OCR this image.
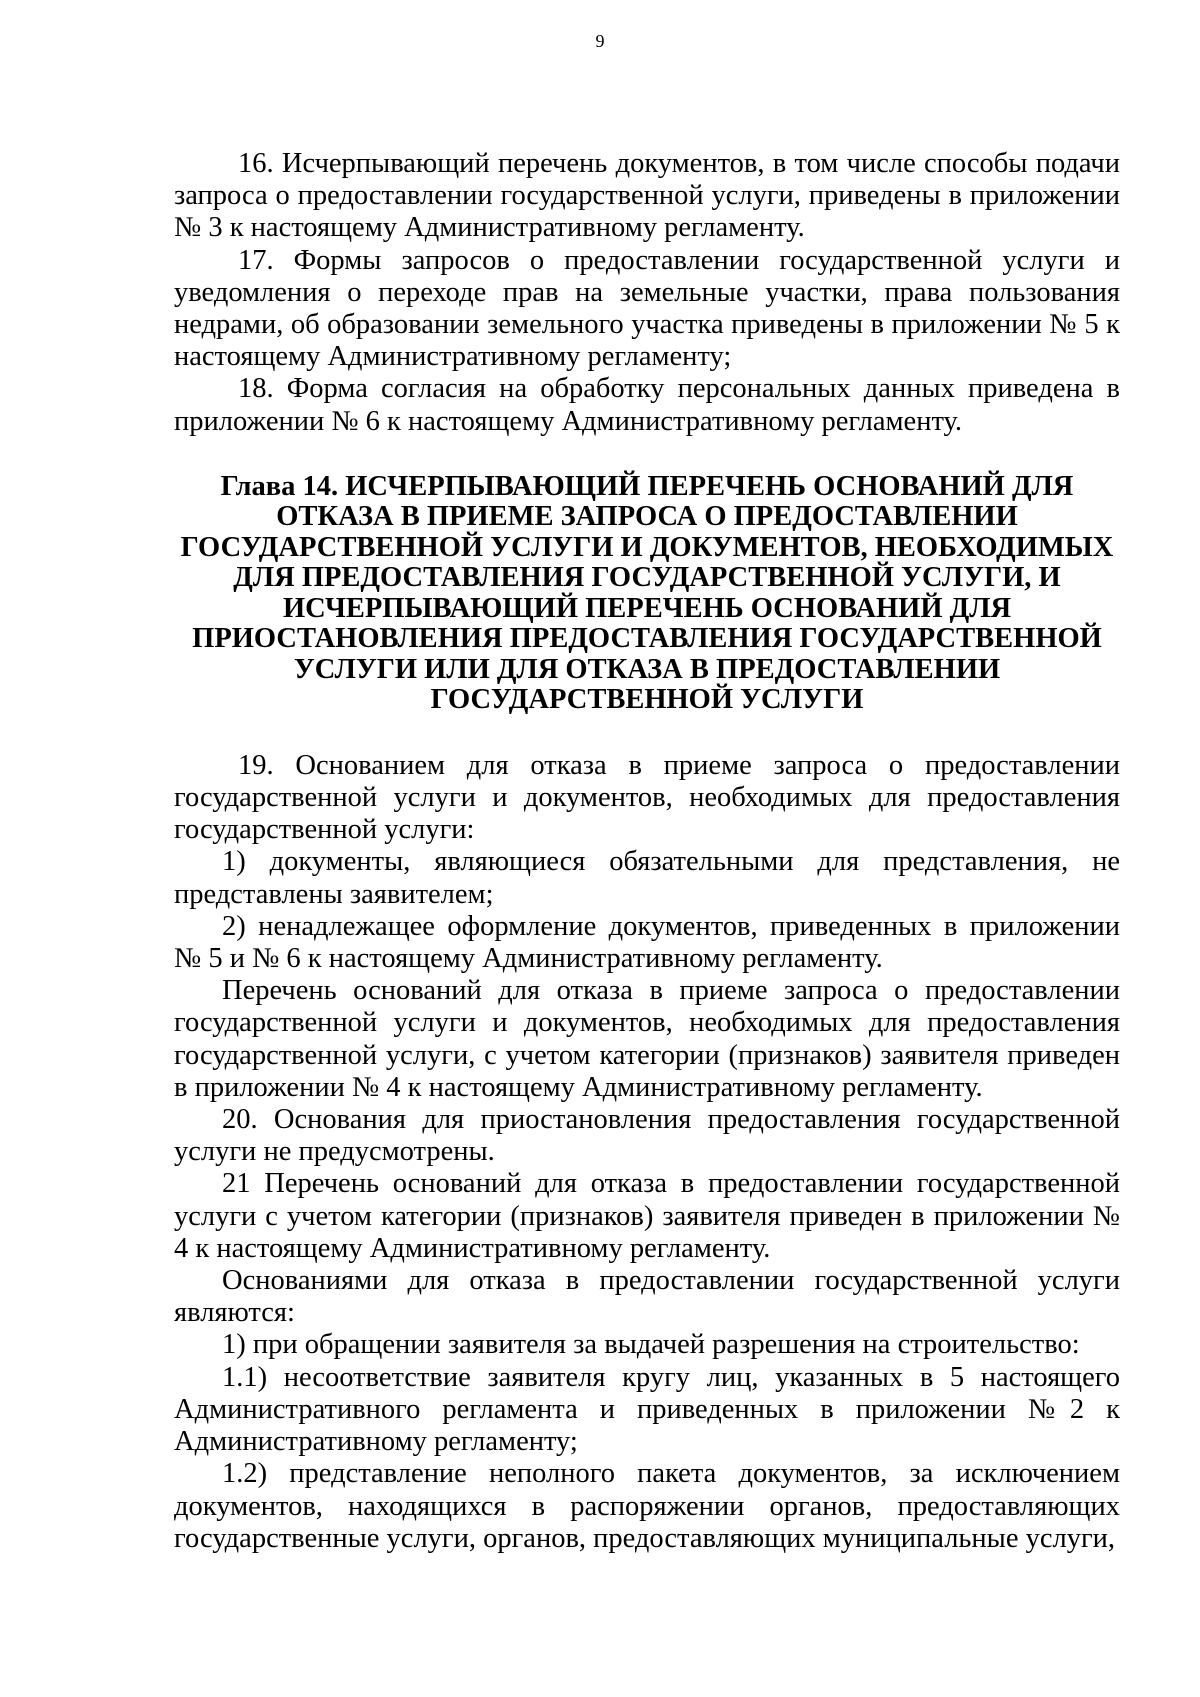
9

16. Исчерпывающий перечень документов, в том числе способы подачи запроса о предоставлении государственной услуги, приведены в приложении № 3 к настоящему Административному регламенту.

17. Формы запросов о предоставлении государственной услуги и уведомления о переходе прав на земельные участки, права пользования недрами, об образовании земельного участка приведены в приложении № 5 к настоящему Административному регламенту;

18. Форма согласия на обработку персональных данных приведена в приложении № 6 к настоящему Административному регламенту.

Глава 14. ИСЧЕРПЫВАЮЩИЙ ПЕРЕЧЕНЬ ОСНОВАНИЙ ДЛЯ ОТКАЗА В ПРИЕМЕ ЗАПРОСА О ПРЕДОСТАВЛЕНИИ ГОСУДАРСТВЕННОЙ УСЛУГИ И ДОКУМЕНТОВ, НЕОБХОДИМЫХ ДЛЯ ПРЕДОСТАВЛЕНИЯ ГОСУДАРСТВЕННОЙ УСЛУГИ, И ИСЧЕРПЫВАЮЩИЙ ПЕРЕЧЕНЬ ОСНОВАНИЙ ДЛЯ ПРИОСТАНОВЛЕНИЯ ПРЕДОСТАВЛЕНИЯ ГОСУДАРСТВЕННОЙ УСЛУГИ ИЛИ ДЛЯ ОТКАЗА В ПРЕДОСТАВЛЕНИИ ГОСУДАРСТВЕННОЙ УСЛУГИ

19. Основанием для отказа в приеме запроса о предоставлении государственной услуги и документов, необходимых для предоставления государственной услуги:

1) документы, являющиеся обязательными для представления, не представлены заявителем;

2) ненадлежащее оформление документов, приведенных в приложении № 5 и № 6 к настоящему Административному регламенту.

Перечень оснований для отказа в приеме запроса о предоставлении государственной услуги и документов, необходимых для предоставления государственной услуги, с учетом категории (признаков) заявителя приведен в приложении № 4 к настоящему Административному регламенту.

20. Основания для приостановления предоставления государственной услуги не предусмотрены.

21 Перечень оснований для отказа в предоставлении государственной услуги с учетом категории (признаков) заявителя приведен в приложении № 4 к настоящему Административному регламенту.

Основаниями для отказа в предоставлении государственной услуги являются:

1) при обращении заявителя за выдачей разрешения на строительство:

1.1) несоответствие заявителя кругу лиц, указанных в 5 настоящего Административного регламента и приведенных в приложении №2 к Административному регламенту;

1.2) представление неполного пакета документов, за исключением документов, находящихся в распоряжении органов, предоставляющих государственные услуги, органов, предоставляющих муниципальные услуги,
